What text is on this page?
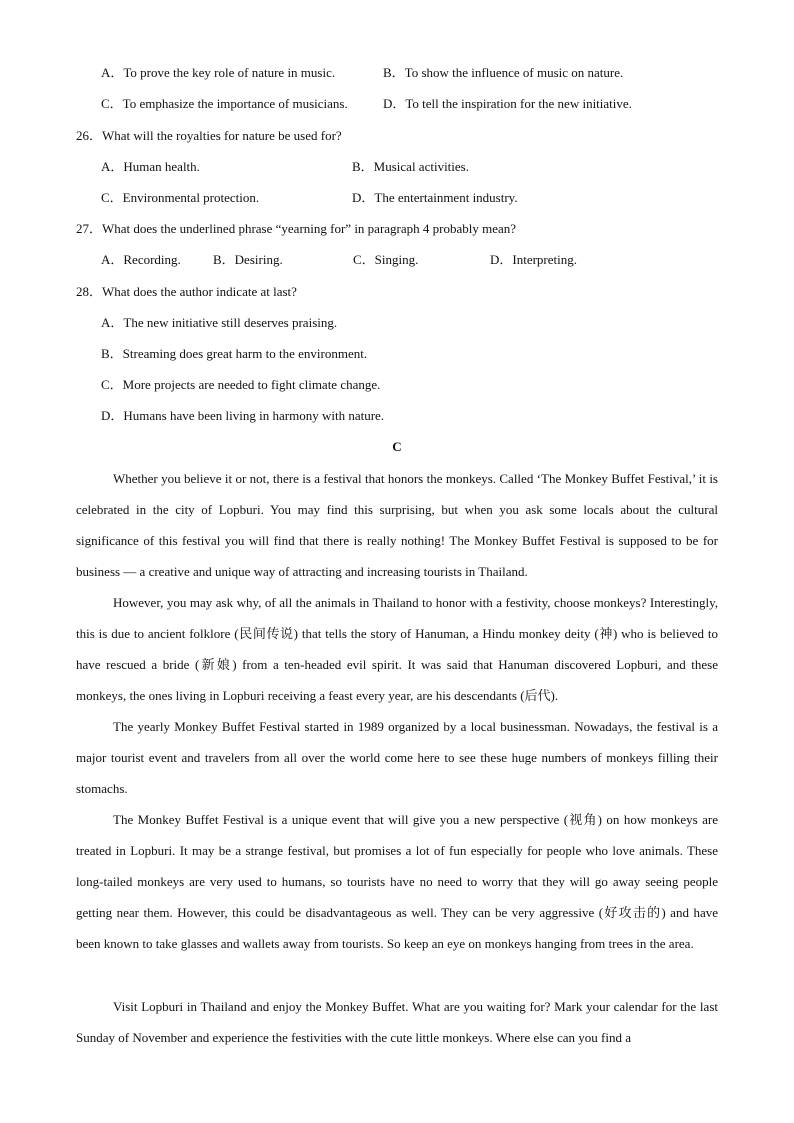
A．To prove the key role of nature in music.	B．To show the influence of music on nature.
C．To emphasize the importance of musicians.	D．To tell the inspiration for the new initiative.
26．What will the royalties for nature be used for?
A．Human health.	B．Musical activities.
C．Environmental protection.	D．The entertainment industry.
27．What does the underlined phrase “yearning for” in paragraph 4 probably mean?
A．Recording. B．Desiring.	C．Singing.	D．Interpreting.
28．What does the author indicate at last?
A．The new initiative still deserves praising.
B．Streaming does great harm to the environment.
C．More projects are needed to fight climate change.
D．Humans have been living in harmony with nature.
C

Whether you believe it or not, there is a festival that honors the monkeys. Called ‘The Monkey Buffet Festival,’ it is celebrated in the city of Lopburi. You may find this surprising, but when you ask some locals about the cultural significance of this festival you will find that there is really nothing! The Monkey Buffet Festival is supposed to be for business — a creative and unique way of attracting and increasing tourists in Thailand.

However, you may ask why, of all the animals in Thailand to honor with a festivity, choose monkeys? Interestingly, this is due to ancient folklore (民间传说) that tells the story of Hanuman, a Hindu monkey deity (神) who is believed to have rescued a bride (新娘) from a ten-headed evil spirit. It was said that Hanuman discovered Lopburi, and these monkeys, the ones living in Lopburi receiving a feast every year, are his descendants (后代).

The yearly Monkey Buffet Festival started in 1989 organized by a local businessman. Nowadays, the festival is a major tourist event and travelers from all over the world come here to see these huge numbers of monkeys filling their stomachs.

The Monkey Buffet Festival is a unique event that will give you a new perspective (视角) on how monkeys are treated in Lopburi. It may be a strange festival, but promises a lot of fun especially for people who love animals. These long-tailed monkeys are very used to humans, so tourists have no need to worry that they will go away seeing people getting near them. However, this could be disadvantageous as well. They can be very aggressive (好攻击的) and have been known to take glasses and wallets away from tourists. So keep an eye on monkeys hanging from trees in the area.

Visit Lopburi in Thailand and enjoy the Monkey Buffet. What are you waiting for? Mark your calendar for the last Sunday of November and experience the festivities with the cute little monkeys. Where else can you find a
